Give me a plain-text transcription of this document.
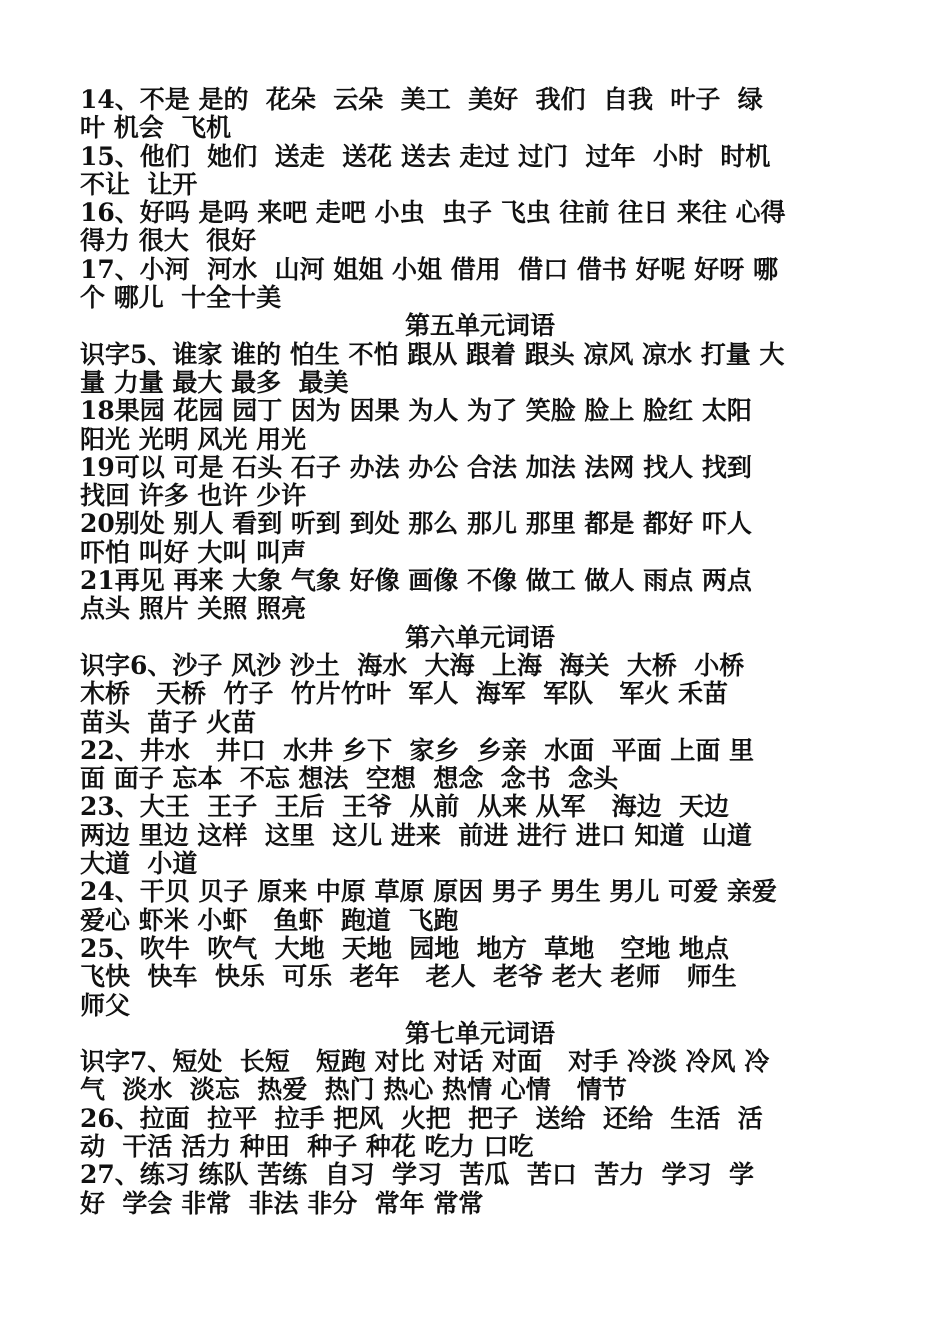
14、不是 是的  花朵  云朵  美工  美好  我们  自我  叶子  绿
叶 机会  飞机
15、他们  她们  送走  送花 送去 走过 过门  过年  小时  时机
不让  让开
16、好吗 是吗 来吧 走吧 小虫  虫子 飞虫 往前 往日 来往 心得
得力 很大  很好
17、小河  河水  山河 姐姐 小姐 借用  借口 借书 好呢 好呀 哪
个 哪儿  十全十美
第五单元词语
识字5、谁家 谁的 怕生 不怕 跟从 跟着 跟头 凉风 凉水 打量 大
量 力量 最大 最多  最美
18果园 花园 园丁 因为 因果 为人 为了 笑脸 脸上 脸红 太阳
阳光 光明 风光 用光
19可以 可是 石头 石子 办法 办公 合法 加法 法网 找人 找到
找回 许多 也许 少许
20别处 别人 看到 听到 到处 那么 那儿 那里 都是 都好 吓人
吓怕 叫好 大叫 叫声
21再见 再来 大象 气象 好像 画像 不像 做工 做人 雨点 两点
点头 照片 关照 照亮
第六单元词语
识字6、沙子 风沙 沙土  海水  大海  上海  海关  大桥  小桥
木桥   天桥  竹子  竹片竹叶  军人  海军  军队   军火 禾苗
苗头  苗子 火苗
22、井水   井口  水井 乡下  家乡  乡亲  水面  平面 上面 里
面 面子 忘本  不忘 想法  空想  想念  念书  念头
23、大王  王子  王后  王爷  从前  从来 从军   海边  天边
两边 里边 这样  这里  这儿 进来  前进 进行 进口 知道  山道
大道  小道
24、干贝 贝子 原来 中原 草原 原因 男子 男生 男儿 可爱 亲爱
爱心 虾米 小虾   鱼虾  跑道  飞跑
25、吹牛  吹气  大地  天地  园地  地方  草地   空地 地点
飞快  快车  快乐  可乐  老年   老人  老爷 老大 老师   师生
师父
第七单元词语
识字7、短处  长短   短跑 对比 对话 对面   对手 冷淡 冷风 冷
气  淡水  淡忘  热爱  热门 热心 热情 心情   情节
26、拉面  拉平  拉手 把风  火把  把子  送给  还给  生活  活
动  干活 活力 种田  种子 种花 吃力 口吃
27、练习 练队 苦练  自习  学习  苦瓜  苦口  苦力  学习  学
好  学会 非常  非法 非分  常年 常常
